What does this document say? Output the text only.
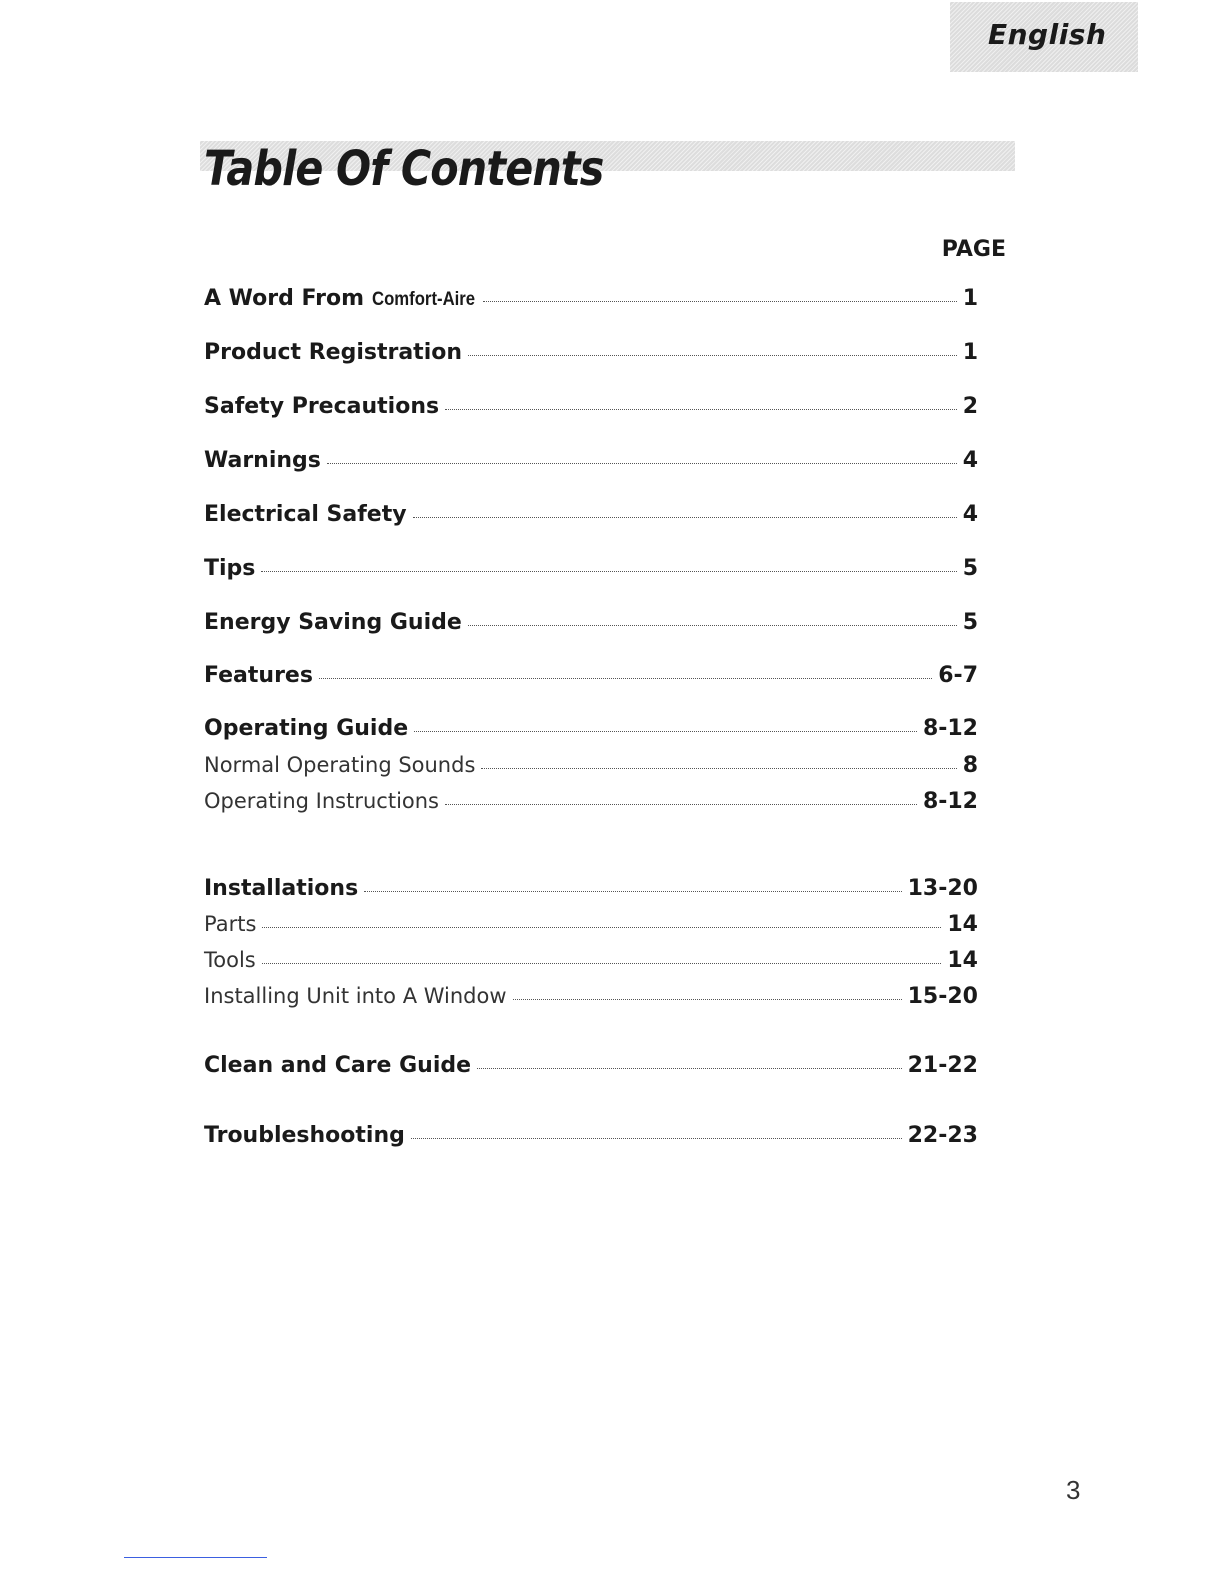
English
Table Of Contents
PAGE
A Word From Comfort-Aire	1
Product Registration	1
Safety Precautions	2
Warnings	4
Electrical Safety	4
Tips	5
Energy Saving Guide	5
Features	6-7
Operating Guide	8-12
Normal Operating Sounds	8
Operating Instructions	8-12
Installations	13-20
Parts	14
Tools	14
Installing Unit into A Window	15-20
Clean and Care Guide	21-22
Troubleshooting	22-23
3
